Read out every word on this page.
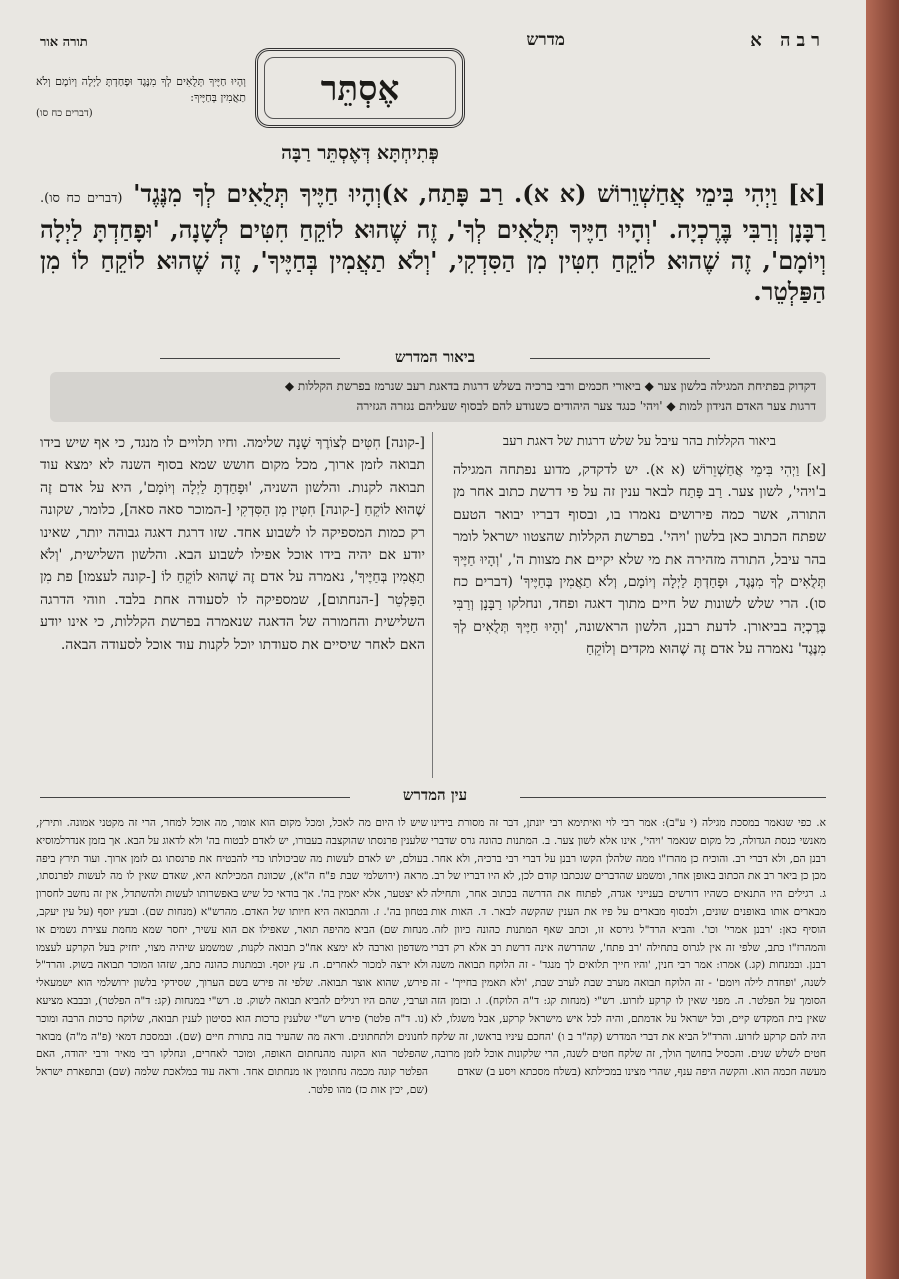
רבה א
מדרש
תורה אור
וְהָיוּ חַיֶּיךָ תְּלֻאִים לְךָ מִנֶּגֶד וּפָחַדְתָּ לַיְלָה וְיוֹמָם וְלֹא תַאֲמִין בְּחַיֶּיךָ:
(דברים כח סו)
אֶסְתֵּר
פְּתִיחְתָּא דְּאֶסְתֵּר רַבָּה
[א] וַיְהִי בִּימֵי אֲחַשְׁוֵרוֹשׁ (א א). רַב פָּתַח, א)וְהָיוּ חַיֶּיךָ תְּלֻאִים לְךָ מִנֶּגֶד' (דברים כח סו). רַבָּנָן וְרַבִּי בֶּרֶכְיָה. 'וְהָיוּ חַיֶּיךָ תְּלֻאִים לְךָ', זֶה שֶׁהוּא לוֹקֵחַ חִטִּים לְשָׁנָה, 'וּפָחַדְתָּ לַיְלָה וְיוֹמָם', זֶה שֶׁהוּא לוֹקֵחַ חִטִּין מִן הַסִּדְקִי, 'וְלֹא תַאֲמִין בְּחַיֶּיךָ', זֶה שֶׁהוּא לוֹקֵחַ לוֹ מִן הַפַּלְטֵר.
ביאור המדרש
דקדוק בפתיחת המגילה בלשון צער ◆ ביאורי חכמים ורבי ברכיה בשלש דרגות בדאגת רעב שנרמז בפרשת הקללות ◆
דרגות צער האדם הנידון למות ◆ 'ויהי' כנגד צער היהודים כשנודע להם לבסוף שעליהם נגזרה הגזירה
ביאור הקללות בהר עיבל על שלש דרגות של דאגת רעב
[א] וַיְהִי בִּימֵי אֲחַשְׁוֵרוֹשׁ (א א). יש לדקדק, מדוע נפתחה המגילה ב'ויהי', לשון צער. רַב פָּתַח לבאר ענין זה על פי דרשת כתוב אחר מן התורה, אשר כמה פירושים נאמרו בו, ובסוף דבריו יבואר הטעם שפתח הכתוב כאן בלשון 'ויהי'. בפרשת הקללות שהצטוו ישראל לומר בהר עיבל, התורה מזהירה את מי שלא יקיים את מצוות ה', 'וְהָיוּ חַיֶּיךָ תְּלֻאִים לְךָ מִנֶּגֶד, וּפָחַדְתָּ לַיְלָה וְיוֹמָם, וְלֹא תַאֲמִין בְּחַיֶּיךָ' (דברים כח סו). הרי שלש לשונות של חיים מתוך דאגה ופחד, ונחלקו רַבָּנָן וְרַבִּי בֶּרֶכְיָה בביאורן. לדעת רבנן, הלשון הראשונה, 'וְהָיוּ חַיֶּיךָ תְּלֻאִים לְךָ מִנֶּגֶד' נאמרה על אדם זֶה שֶׁהוּא מקדים וְלוֹקֵחַ
[-קונה] חִטִּים לְצוֹרֶךְ שָׁנָה שלימה. וחיו תלויים לו מנגד, כי אף שיש בידו תבואה לזמן ארוך, מכל מקום חושש שמא בסוף השנה לא ימצא עוד תבואה לקנות. והלשון השניה, 'וּפָחַדְתָּ לַיְלָה וְיוֹמָם', היא על אדם זֶה שֶׁהוּא לוֹקֵחַ [-קונה] חִטִּין מִן הַסִּדְקִי [-המוכר סאה סאה], כלומר, שקונה רק כמות המספיקה לו לשבוע אחד. שזו דרגת דאגה גבוהה יותר, שאינו יודע אם יהיה בידו אוכל אפילו לשבוע הבא. והלשון השלישית, 'וְלֹא תַאֲמִין בְּחַיֶּיךָ', נאמרה על אדם זֶה שֶׁהוּא לוֹקֵחַ לוֹ [-קונה לעצמו] פת מִן הַפַּלְטֵר [-הנחתום], שמספיקה לו לסעודה אחת בלבד. וזוהי הדרגה השלישית והחמורה של הדאגה שנאמרה בפרשת הקללות, כי אינו יודע האם לאחר שיסיים את סעודתו יוכל לקנות עוד אוכל לסעודה הבאה.
עין המדרש
א. כפי שנאמר במסכת מגילה (י ע"ב): אמר רבי לוי ואיתימא רבי יונתן, דבר זה מסורת בידינו מאנשי כנסת הגדולה, כל מקום שנאמר 'ויהי', אינו אלא לשון צער. ב. המתנות כהונה גרס שדברי רבנן הם, ולא דברי רב. והוכיח כן מהרז"ו ממה שלהלן הקשו רבנן על דברי רבי ברכיה, ולא אחר. מכן כן ביאר רב את הכתוב באופן אחר, ומשמע שהדברים שנכתבו קודם לכן, לא היו דבריו של רב. ג. רגילים היו התנאים כשהיו דורשים בענייני אגדה, לפתוח את הדרשה בכתוב אחר, ותחילה מבארים אותו באופנים שונים, ולבסוף מבארים על פיו את הענין שהקשה לבאר. ד. האות אות הוסיף כאן: 'רבנן אמרי' וכו'. והביא הרד"ל גירסא זו, וכתב שאף המתנות כהונה כיוון לזה. והמהרז"ו כתב, שלפי זה אין לגרוס בתחילה 'רב פתח', שהדרשה אינה דרשת רב אלא רק דברי רבנן. ובמנחות (קג.) אמרו: אמר רבי חנין, 'והיו חייך תלואים לך מנגד' - זה הלוקח תבואה משנה לשנה, 'ופחדת לילה ויומם' - זה הלוקח תבואה מערב שבת לערב שבת, 'ולא תאמין בחייך' - זה הסומך על הפלטר. ה. מפני שאין לו קרקע לזרוע. רש"י (מנחות קג: ד"ה הלוקח). ו. ובזמן הזה שאין בית המקדש קיים, וכל ישראל על אדמתם, והיה לכל איש מישראל קרקע, אבל משגלו, לא היה להם קרקע לזרוע. והרד"ל הביא את דברי המדרש (קה"ר ב ו) 'החכם עיניו בראשו, זה שלקח חטים לשלש שנים. והכסיל בחושך הולך, זה שלקח חטים לשנה, הרי שלקונות אוכל לזמן מרובה, מעשה חכמה הוא. והקשה היפה ענף, שהרי מצינו במכילתא (בשלח מסכתא ויסע ב) שאדם
שיש לו היום מה לאכל, ומכל מקום הוא אומר, מה אוכל למחר, הרי זה מקטני אמונה. ותירץ, שלענין פרנסתו שהוקצבה בעבורו, יש לאדם לבטוח בה' ולא לדאוג על הבא. אך בזמן אנדרלמוסיא בעולם, יש לאדם לעשות מה שביכולתו כדי להבטיח את פרנסתו גם לזמן ארוך. ועוד תירץ ביפה מראה (ירושלמי שבת פ"ח ה"א), שכוונת המכילתא היא, שאדם שאין לו מה לעשות לפרנסתו, לא יצטער, אלא יאמין בה'. אך בודאי כל שיש באפשרותו לעשות ולהשתדל, אין זה נחשב לחסרון בטחון בה'. ז. והתבואה היא חיותו של האדם. מהרש"א (מנחות שם). ובעץ יוסף (על עין יעקב, מנחות שם) הביא מהיפה תואר, שאפילו אם הוא עשיר, יחסר שמא מחמת עצירת גשמים או משדפון וארבה לא ימצא אח"כ תבואה לקנות, שמשמע שיהיה מצוי, יחזיק בעל הקרקע לעצמו ולא ירצה למכור לאחרים. ח. עץ יוסף. ובמתנות כהונה כתב, שזהו המוכר תבואה בשוק. והרד"ל פירש, שהוא אוצר תבואה. שלפי זה פירש בשם הערוך, שסידקי בלשון ירושלמי הוא ישמעאלי וערבי, שהם היו רגילים להביא תבואה לשוק. ט. רש"י במנחות (קג: ד"ה הפלטר), ובבבא מציעא (נו. ד"ה פלטר) פירש רש"י שלענין כרכות הוא כסיטון לענין תבואה, שלוקח כרכות הרבה ומוכר לחנונים ולתחתונים. וראה מה שהעיר בזה בתורת חיים (שם). ובמסכת דמאי (פ"ה מ"ה) מבואר שהפלטר הוא הקונה מהנחתום האופה, ומוכר לאחרים, ונחלקו רבי מאיר ורבי יהודה, האם הפלטר קונה מכמה נחתומין או מנחתום אחד. וראה עוד במלאכת שלמה (שם) ובתפארת ישראל (שם, יכין אות כז) מהו פלטר.
